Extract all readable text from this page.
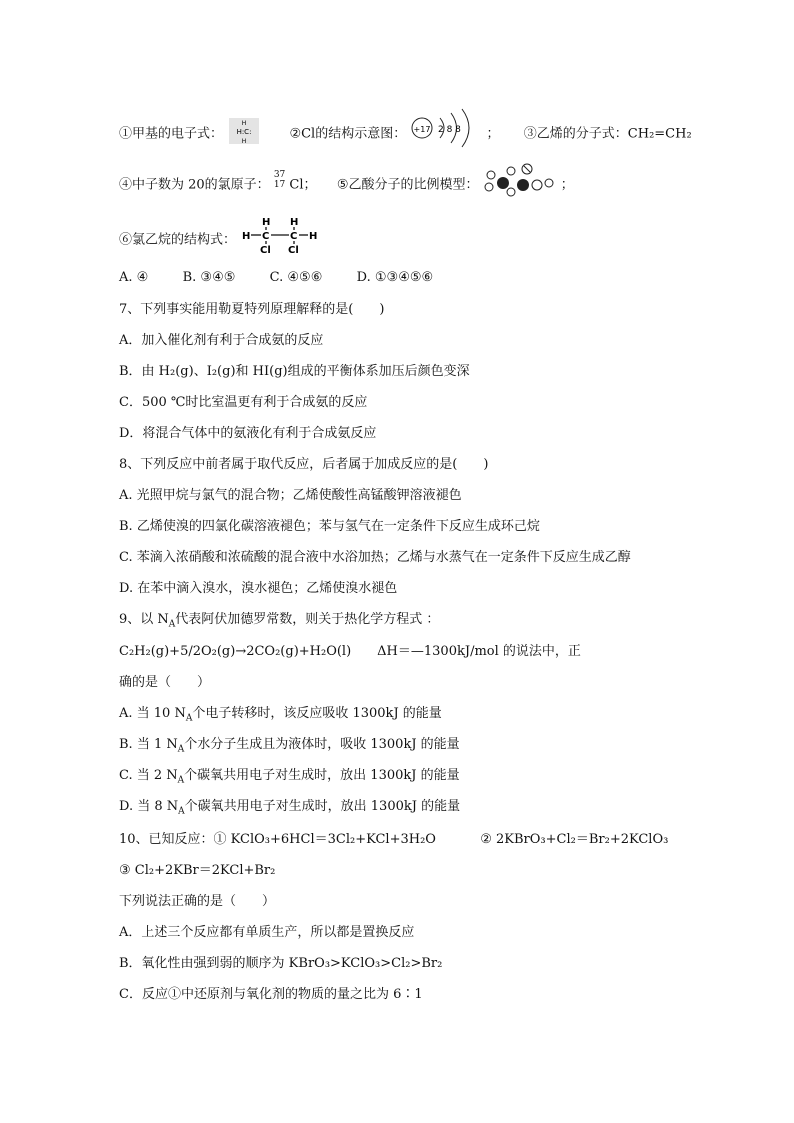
①甲基的电子式：
H
H:C:
H	②Cl的结构示意图： +17 2 8 8 ； ③乙烯的分子式：CH₂=CH₂
④中子数为 20的氯原子：
37
17 Cl； ⑤乙酸分子的比例模型：	；
⑥氯乙烷的结构式：
H H
H C C H
Cl Cl
A. ④	B. ③④⑤	C. ④⑤⑥	D. ①③④⑤⑥
7、下列事实能用勒夏特列原理解释的是(　　)
A．加入催化剂有利于合成氨的反应
B．由 H₂(g)、I₂(g)和 HI(g)组成的平衡体系加压后颜色变深
C．500 ℃时比室温更有利于合成氨的反应
D．将混合气体中的氨液化有利于合成氨反应
8、下列反应中前者属于取代反应，后者属于加成反应的是(　　)
A. 光照甲烷与氯气的混合物；乙烯使酸性高锰酸钾溶液褪色
B. 乙烯使溴的四氯化碳溶液褪色；苯与氢气在一定条件下反应生成环己烷
C. 苯滴入浓硝酸和浓硫酸的混合液中水浴加热；乙烯与水蒸气在一定条件下反应生成乙醇
D. 在苯中滴入溴水，溴水褪色；乙烯使溴水褪色
9、以 $N_A$代表阿伏加德罗常数，则关于热化学方程式 ：
C₂H₂(g)+5/2O₂(g)→2CO₂(g)+H₂O(l)　　ΔH＝—1300kJ/mol 的说法中，正
确的是（　　）
A. 当 10 $N_A$个电子转移时，该反应吸收 1300kJ 的能量
B. 当 1 $N_A$个水分子生成且为液体时，吸收 1300kJ 的能量
C. 当 2 $N_A$个碳氧共用电子对生成时，放出 1300kJ 的能量
D. 当 8 $N_A$个碳氧共用电子对生成时，放出 1300kJ 的能量
10、已知反应：① KClO₃+6HCl＝3Cl₂+KCl+3H₂O	② 2KBrO₃+Cl₂＝Br₂+2KClO₃
③ Cl₂+2KBr＝2KCl+Br₂
下列说法正确的是（　　）
A．上述三个反应都有单质生产，所以都是置换反应
B．氧化性由强到弱的顺序为 KBrO₃>KClO₃>Cl₂>Br₂
C．反应①中还原剂与氧化剂的物质的量之比为 6∶1
